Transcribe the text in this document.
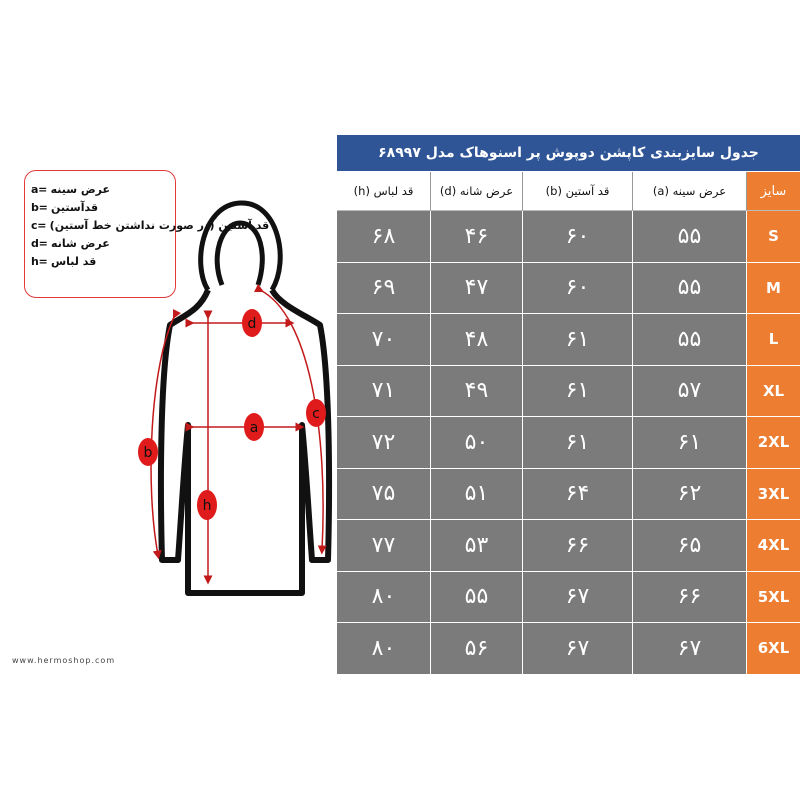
a= عرض سینه
b= قدآستین
c= قد آستین (در صورت نداشتن خط آستین)
d= عرض شانه
h= قد لباس
d
a
b
c
h
www.hermoshop.com
جدول سایزبندی کاپشن دوپوش پر اسنوهاک مدل ۶۸۹۹۷
قد لباس (h)	عرض شانه (d)	قد آستین (b)	عرض سینه (a)	سایز
۶۸	۴۶	۶۰	۵۵	S
۶۹	۴۷	۶۰	۵۵	M
۷۰	۴۸	۶۱	۵۵	L
۷۱	۴۹	۶۱	۵۷	XL
۷۲	۵۰	۶۱	۶۱	2XL
۷۵	۵۱	۶۴	۶۲	3XL
۷۷	۵۳	۶۶	۶۵	4XL
۸۰	۵۵	۶۷	۶۶	5XL
۸۰	۵۶	۶۷	۶۷	6XL
